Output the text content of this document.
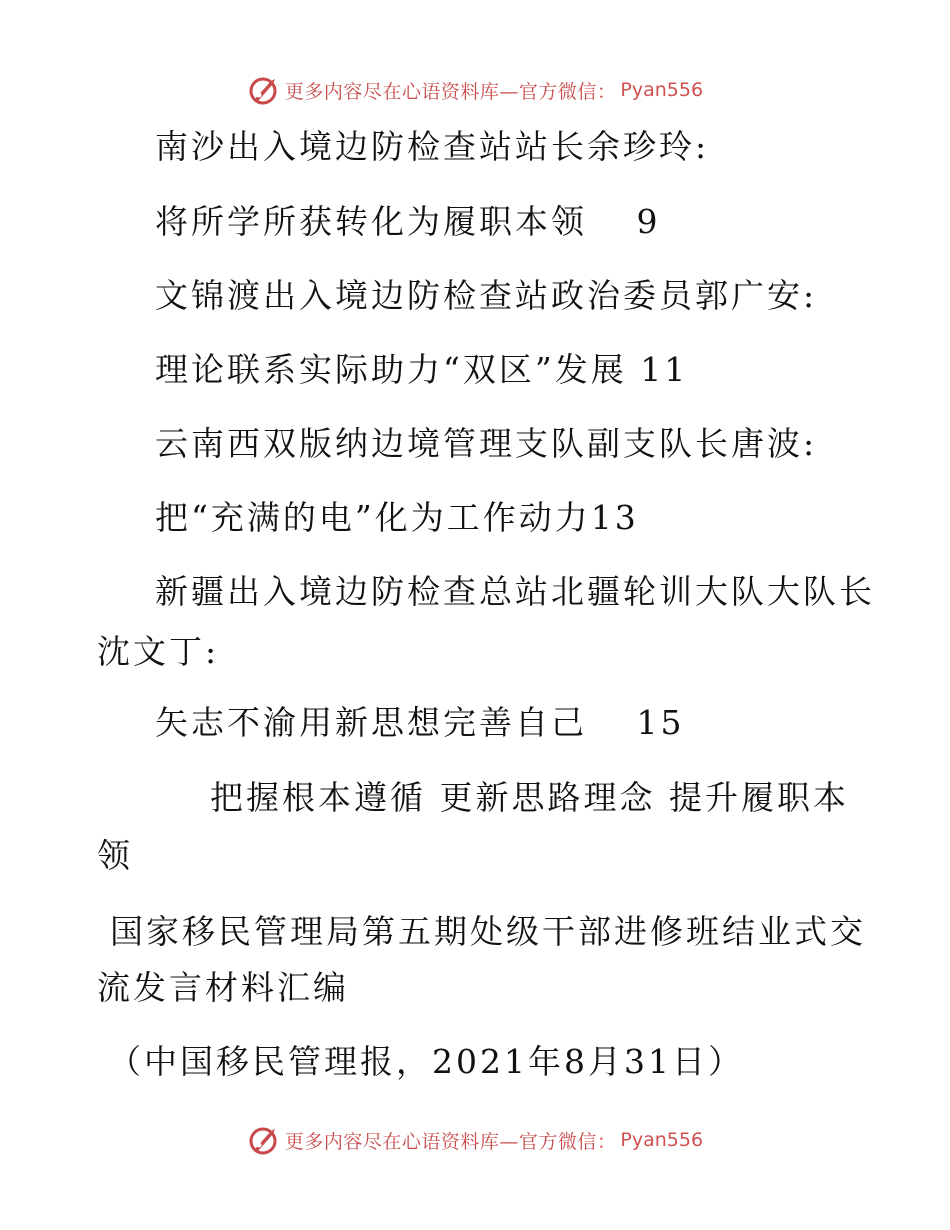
更多内容尽在心语资料库—官方微信： Pyan556
南沙出入境边防检查站站长余珍玲:
将所学所获转化为履职本领　 9
文锦渡出入境边防检查站政治委员郭广安:
理论联系实际助力“双区”发展 11
云南西双版纳边境管理支队副支队长唐波:
把“充满的电”化为工作动力13
新疆出入境边防检查总站北疆轮训大队大队长
沈文丁:
矢志不渝用新思想完善自己　 15
把握根本遵循 更新思路理念 提升履职本
领
国家移民管理局第五期处级干部进修班结业式交
流发言材料汇编
（中国移民管理报，2021年8月31日）
更多内容尽在心语资料库—官方微信： Pyan556
